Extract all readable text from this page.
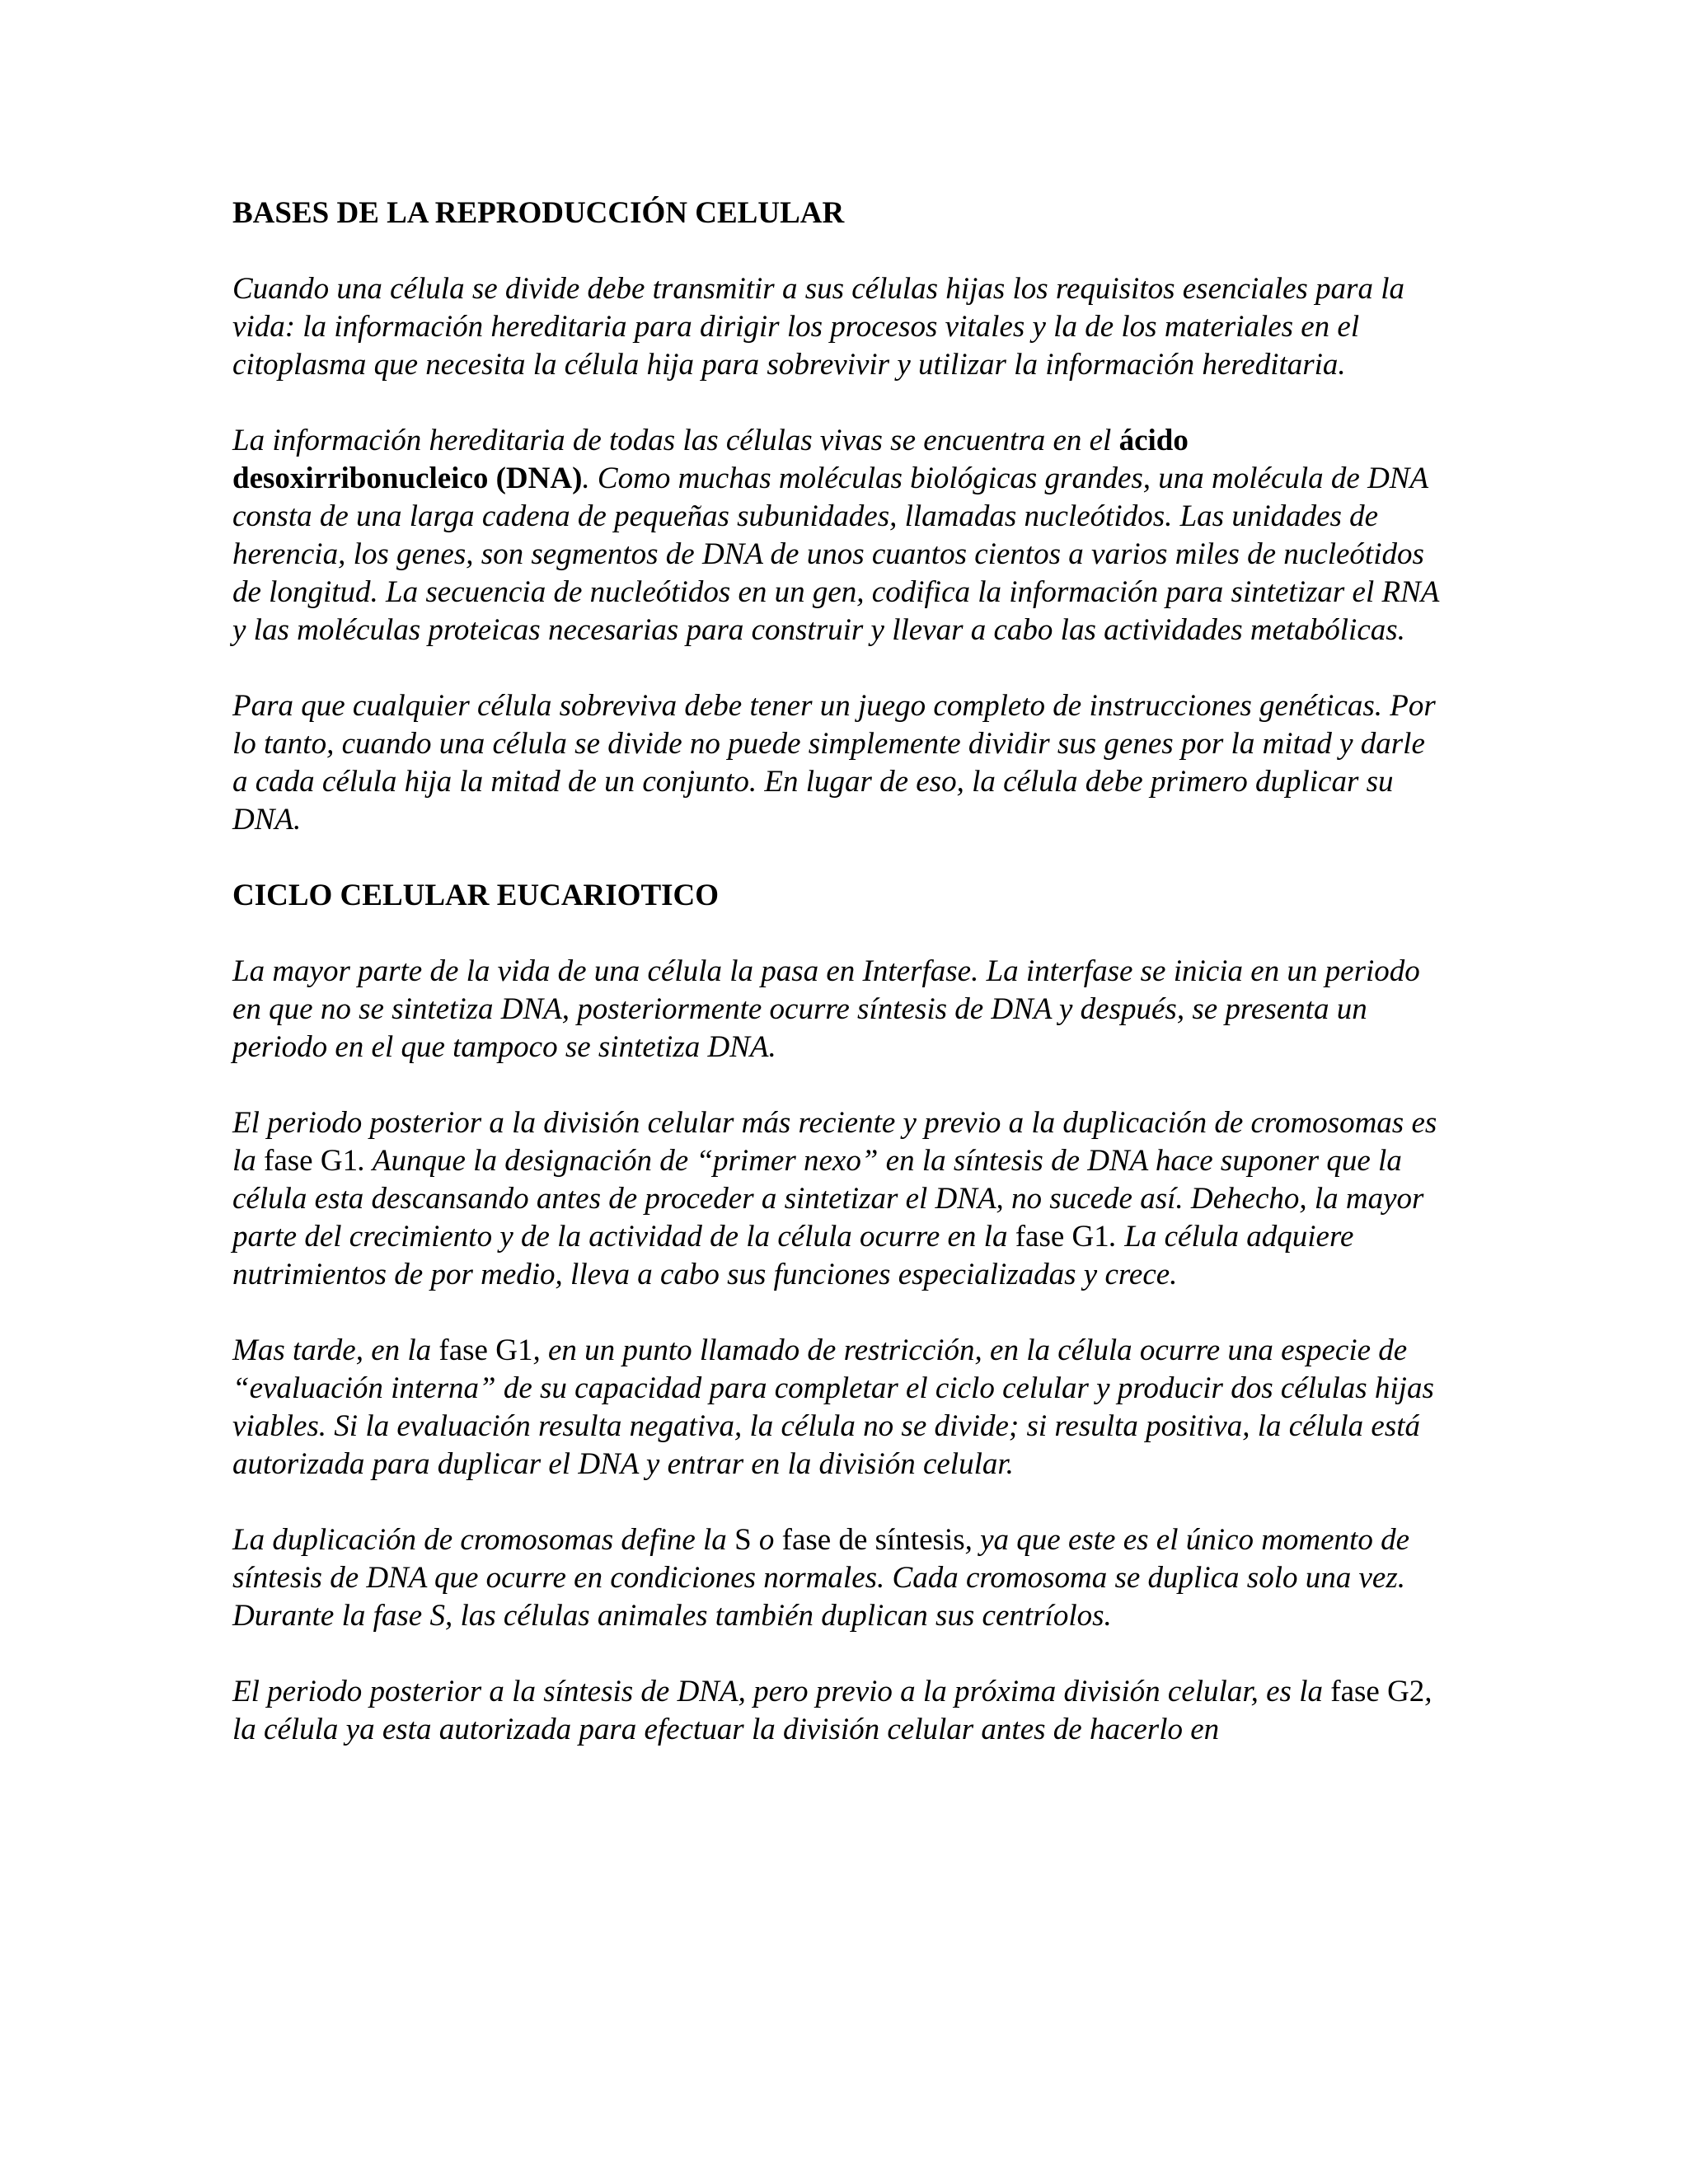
BASES DE LA REPRODUCCIÓN CELULAR

Cuando una célula se divide debe transmitir a sus células hijas los requisitos esenciales para la vida: la información hereditaria para dirigir los procesos vitales y la de los materiales en el citoplasma que necesita la célula hija para sobrevivir y utilizar la información hereditaria.

La información hereditaria de todas las células vivas se encuentra en el ácido desoxirribonucleico (DNA). Como muchas moléculas biológicas grandes, una molécula de DNA consta de una larga cadena de pequeñas subunidades, llamadas nucleótidos. Las unidades de herencia, los genes, son segmentos de DNA de unos cuantos cientos a varios miles de nucleótidos de longitud. La secuencia de nucleótidos en un gen, codifica la información para sintetizar el RNA y las moléculas proteicas necesarias para construir y llevar a cabo las actividades metabólicas.

Para que cualquier célula sobreviva debe tener un juego completo de instrucciones genéticas. Por lo tanto, cuando una célula se divide no puede simplemente dividir sus genes por la mitad y darle a cada célula hija la mitad de un conjunto. En lugar de eso, la célula debe primero duplicar su DNA.

CICLO CELULAR EUCARIOTICO

La mayor parte de la vida de una célula la pasa en Interfase. La interfase se inicia en un periodo en que no se sintetiza DNA, posteriormente ocurre síntesis de DNA y después, se presenta un periodo en el que tampoco se sintetiza DNA.

El periodo posterior a la división celular más reciente y previo a la duplicación de cromosomas es la fase G1. Aunque la designación de “primer nexo” en la síntesis de DNA hace suponer que la célula esta descansando antes de proceder a sintetizar el DNA, no sucede así. Dehecho, la mayor parte del crecimiento y de la actividad de la célula ocurre en la fase G1. La célula adquiere nutrimientos de por medio, lleva a cabo sus funciones especializadas y crece.

Mas tarde, en la fase G1, en un punto llamado de restricción, en la célula ocurre una especie de “evaluación interna” de su capacidad para completar el ciclo celular y producir dos células hijas viables. Si la evaluación resulta negativa, la célula no se divide; si resulta positiva, la célula está autorizada para duplicar el DNA y entrar en la división celular.

La duplicación de cromosomas define la S o fase de síntesis, ya que este es el único momento de síntesis de DNA que ocurre en condiciones normales. Cada cromosoma se duplica solo una vez. Durante la fase S, las células animales también duplican sus centríolos.

El periodo posterior a la síntesis de DNA, pero previo a la próxima división celular, es la fase G2, la célula ya esta autorizada para efectuar la división celular antes de hacerlo en
